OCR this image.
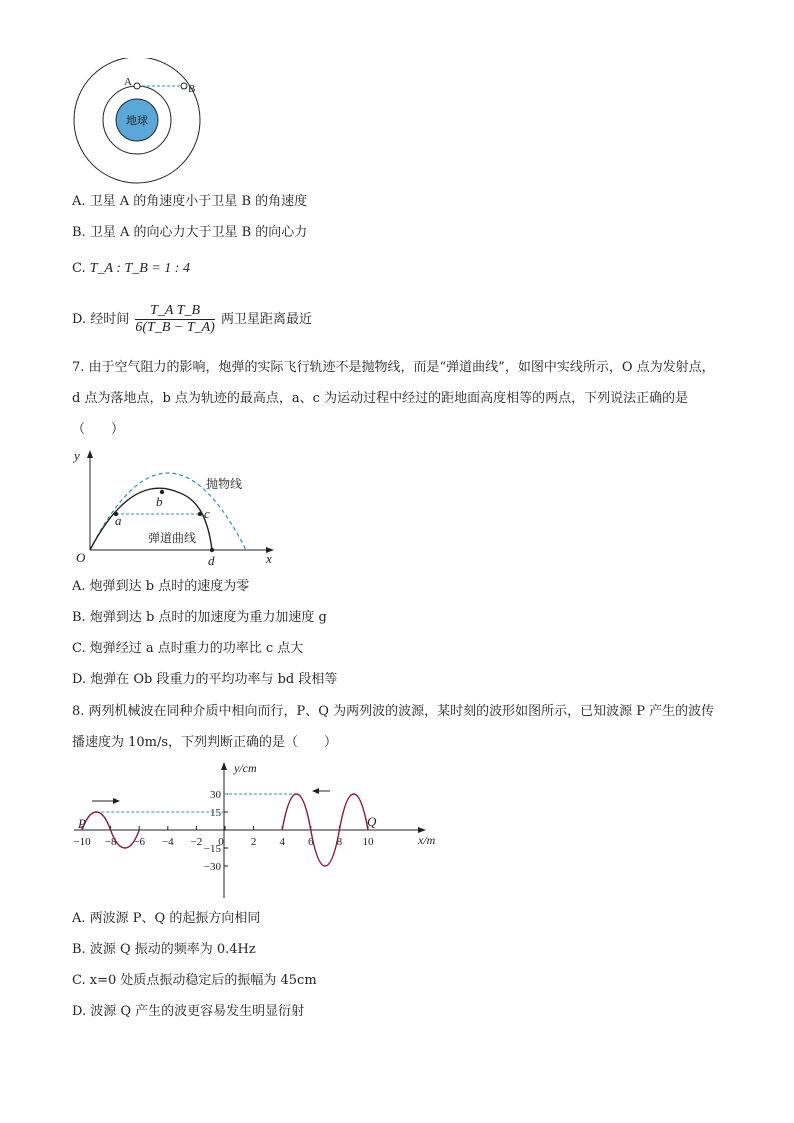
地球
A
B
A. 卫星 A 的角速度小于卫星 B 的角速度
B. 卫星 A 的向心力大于卫星 B 的向心力
C. T_A : T_B = 1 : 4
D. 经时间 $\frac{\text{T\_A T\_B}}{6(T\_B - T\_A)}$ 两卫星距离最近
7. 由于空气阻力的影响，炮弹的实际飞行轨迹不是抛物线，而是“弹道曲线”，如图中实线所示，O 点为发射点，d 点为落地点，b 点为轨迹的最高点，a、c 为运动过程中经过的距地面高度相等的两点，下列说法正确的是（　　）
y
x
O
a
b
c
d
抛物线
弹道曲线
A. 炮弹到达 b 点时的速度为零
B. 炮弹到达 b 点时的加速度为重力加速度 g
C. 炮弹经过 a 点时重力的功率比 c 点大
D. 炮弹在 Ob 段重力的平均功率与 bd 段相等
8. 两列机械波在同种介质中相向而行，P、Q 为两列波的波源，某时刻的波形如图所示，已知波源 P 产生的波传播速度为 10m/s，下列判断正确的是（　　）
−10 −8 −6 −4 −2 0 2 4 6 8 10
30
15
−15
−30
y/cm
x/m
P	Q
A. 两波源 P、Q 的起振方向相同
B. 波源 Q 振动的频率为 0.4Hz
C. x=0 处质点振动稳定后的振幅为 45cm
D. 波源 Q 产生的波更容易发生明显衍射
